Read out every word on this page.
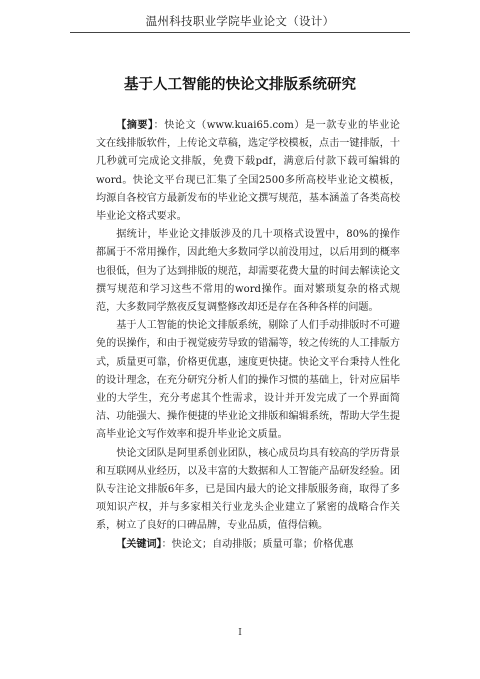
温州科技职业学院毕业论文（设计）
基于人工智能的快论文排版系统研究

【摘要】：快论文（www.kuai65.com）是一款专业的毕业论文在线排版软件，上传论文草稿，选定学校模板，点击一键排版，十几秒就可完成论文排版，免费下载pdf，满意后付款下载可编辑的word。快论文平台现已汇集了全国2500多所高校毕业论文模板，均源自各校官方最新发布的毕业论文撰写规范，基本涵盖了各类高校毕业论文格式要求。

据统计，毕业论文排版涉及的几十项格式设置中，80%的操作都属于不常用操作，因此绝大多数同学以前没用过，以后用到的概率也很低，但为了达到排版的规范，却需要花费大量的时间去解读论文撰写规范和学习这些不常用的word操作。面对繁琐复杂的格式规范，大多数同学熬夜反复调整修改却还是存在各种各样的问题。

基于人工智能的快论文排版系统，剔除了人们手动排版时不可避免的误操作，和由于视觉疲劳导致的错漏等，较之传统的人工排版方式，质量更可靠，价格更优惠，速度更快捷。快论文平台秉持人性化的设计理念，在充分研究分析人们的操作习惯的基础上，针对应届毕业的大学生，充分考虑其个性需求，设计并开发完成了一个界面简洁、功能强大、操作便捷的毕业论文排版和编辑系统，帮助大学生提高毕业论文写作效率和提升毕业论文质量。

快论文团队是阿里系创业团队，核心成员均具有较高的学历背景和互联网从业经历，以及丰富的大数据和人工智能产品研发经验。团队专注论文排版6年多，已是国内最大的论文排版服务商，取得了多项知识产权，并与多家相关行业龙头企业建立了紧密的战略合作关系，树立了良好的口碑品牌，专业品质，值得信赖。

【关键词】：快论文；自动排版；质量可靠；价格优惠

I
